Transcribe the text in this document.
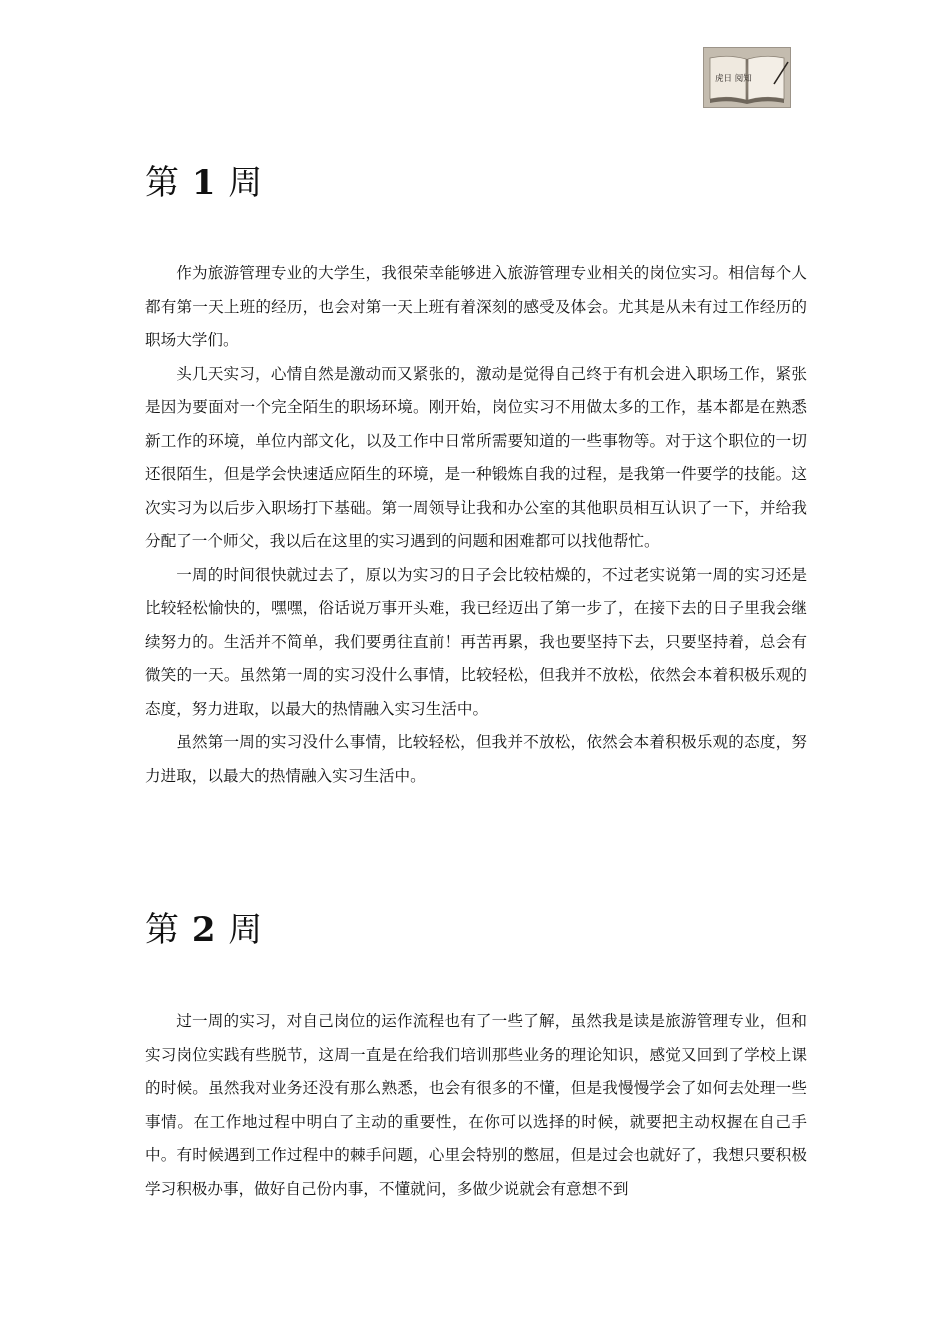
虎日 阅知
第 1 周

作为旅游管理专业的大学生，我很荣幸能够进入旅游管理专业相关的岗位实习。相信每个人都有第一天上班的经历，也会对第一天上班有着深刻的感受及体会。尤其是从未有过工作经历的职场大学们。

头几天实习，心情自然是激动而又紧张的，激动是觉得自己终于有机会进入职场工作，紧张是因为要面对一个完全陌生的职场环境。刚开始，岗位实习不用做太多的工作，基本都是在熟悉新工作的环境，单位内部文化，以及工作中日常所需要知道的一些事物等。对于这个职位的一切还很陌生，但是学会快速适应陌生的环境，是一种锻炼自我的过程，是我第一件要学的技能。这次实习为以后步入职场打下基础。第一周领导让我和办公室的其他职员相互认识了一下，并给我分配了一个师父，我以后在这里的实习遇到的问题和困难都可以找他帮忙。

一周的时间很快就过去了，原以为实习的日子会比较枯燥的，不过老实说第一周的实习还是比较轻松愉快的，嘿嘿，俗话说万事开头难，我已经迈出了第一步了，在接下去的日子里我会继续努力的。生活并不简单，我们要勇往直前！再苦再累，我也要坚持下去，只要坚持着，总会有微笑的一天。虽然第一周的实习没什么事情，比较轻松，但我并不放松，依然会本着积极乐观的态度，努力进取，以最大的热情融入实习生活中。

虽然第一周的实习没什么事情，比较轻松，但我并不放松，依然会本着积极乐观的态度，努力进取，以最大的热情融入实习生活中。

第 2 周

过一周的实习，对自己岗位的运作流程也有了一些了解，虽然我是读是旅游管理专业，但和实习岗位实践有些脱节，这周一直是在给我们培训那些业务的理论知识，感觉又回到了学校上课的时候。虽然我对业务还没有那么熟悉，也会有很多的不懂，但是我慢慢学会了如何去处理一些事情。在工作地过程中明白了主动的重要性，在你可以选择的时候，就要把主动权握在自己手中。有时候遇到工作过程中的棘手问题，心里会特别的憋屈，但是过会也就好了，我想只要积极学习积极办事，做好自己份内事，不懂就问，多做少说就会有意想不到
